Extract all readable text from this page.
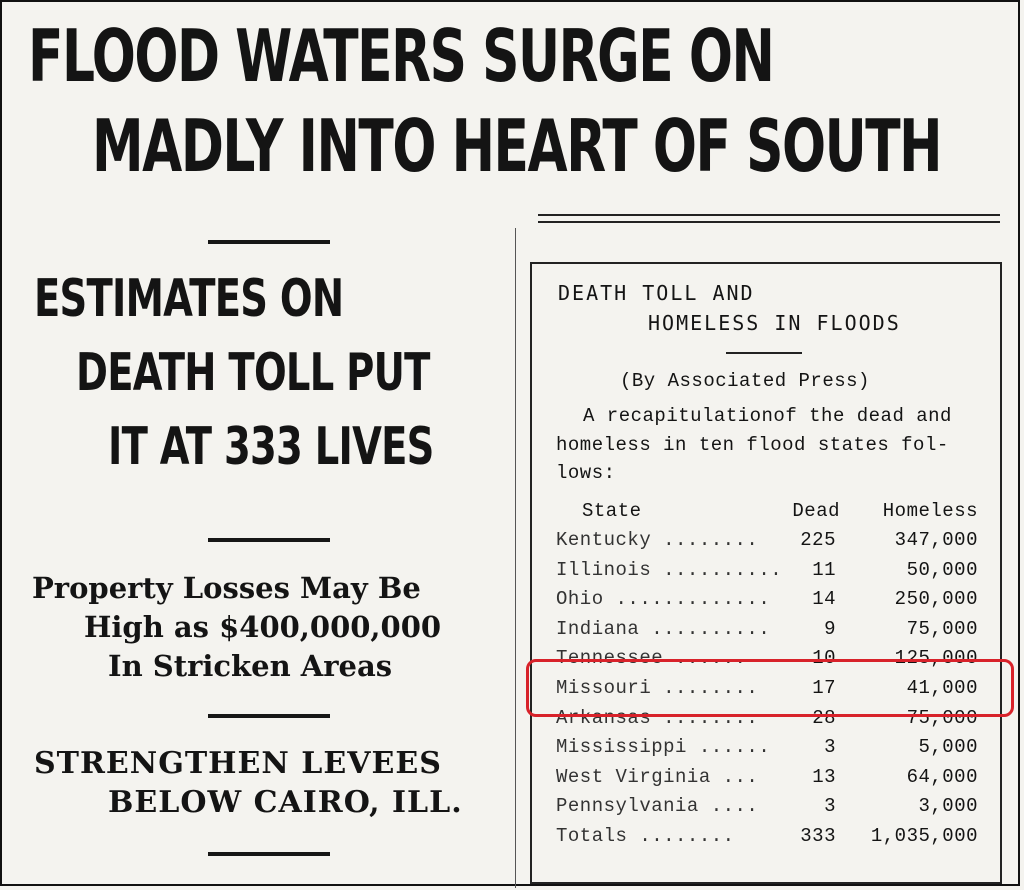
FLOOD WATERS SURGE ON
MADLY INTO HEART OF SOUTH
ESTIMATES ON
DEATH TOLL PUT
IT AT 333 LIVES
Property Losses May Be
High as $400,000,000
In Stricken Areas
STRENGTHEN LEVEES
BELOW CAIRO, ILL.
DEATH TOLL AND
HOMELESS IN FLOODS
(By Associated Press)
A recapitulationof the dead and
homeless in ten flood states fol-
lows:
State	Dead Homeless
Kentucky ........ 225	347,000
Illinois .......... 11	50,000
Ohio ............. 14	250,000
Indiana ..........	9	75,000
Tennessee ......	10	125,000
Missouri ........	17	41,000
Arkansas ........	28	75,000
Mississippi ......	3	5,000
West Virginia ...	13	64,000
Pennsylvania ....	3	3,000
Totals ........	333 1,035,000
